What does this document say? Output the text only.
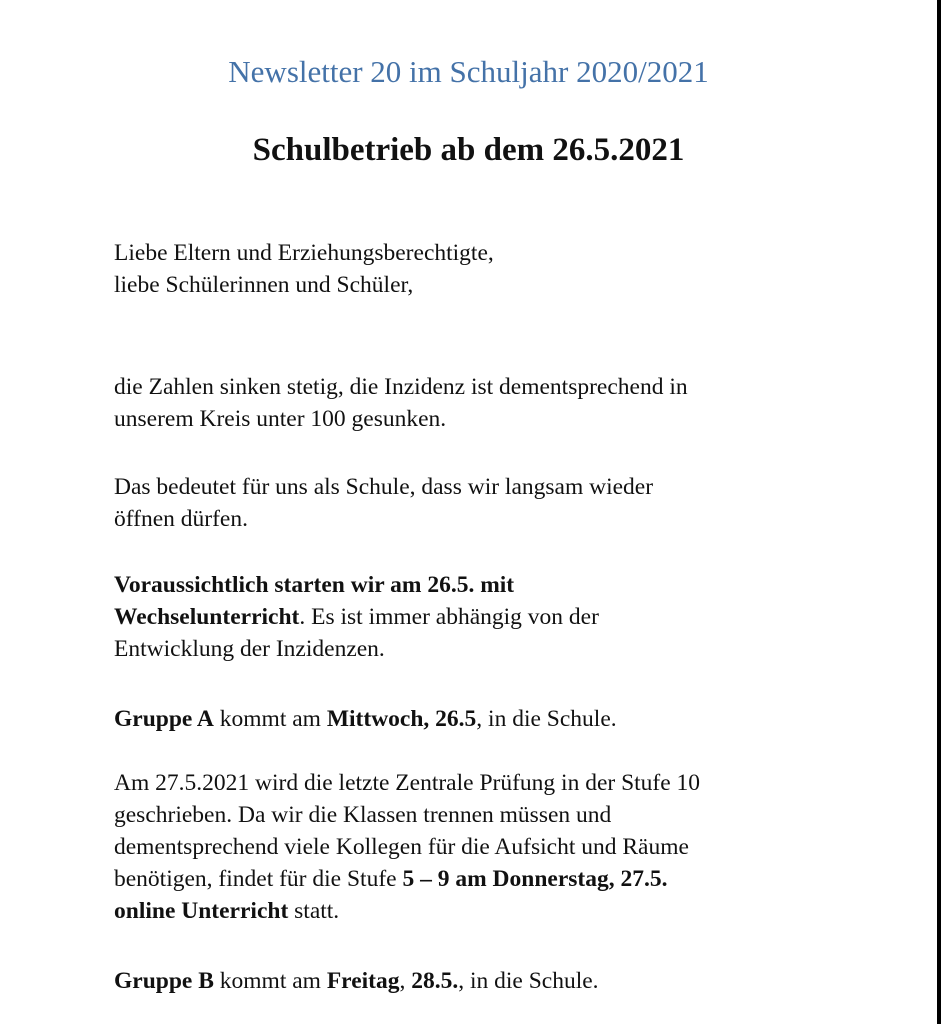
Newsletter 20 im Schuljahr 2020/2021
Schulbetrieb ab dem 26.5.2021

Liebe Eltern und Erziehungsberechtigte,
liebe Schülerinnen und Schüler,

die Zahlen sinken stetig, die Inzidenz ist dementsprechend in
unserem Kreis unter 100 gesunken.

Das bedeutet für uns als Schule, dass wir langsam wieder
öffnen dürfen.

Voraussichtlich starten wir am 26.5. mit
Wechselunterricht. Es ist immer abhängig von der
Entwicklung der Inzidenzen.

Gruppe A kommt am Mittwoch, 26.5, in die Schule.

Am 27.5.2021 wird die letzte Zentrale Prüfung in der Stufe 10
geschrieben. Da wir die Klassen trennen müssen und
dementsprechend viele Kollegen für die Aufsicht und Räume
benötigen, findet für die Stufe 5 – 9 am Donnerstag, 27.5.
online Unterricht statt.

Gruppe B kommt am Freitag, 28.5., in die Schule.
